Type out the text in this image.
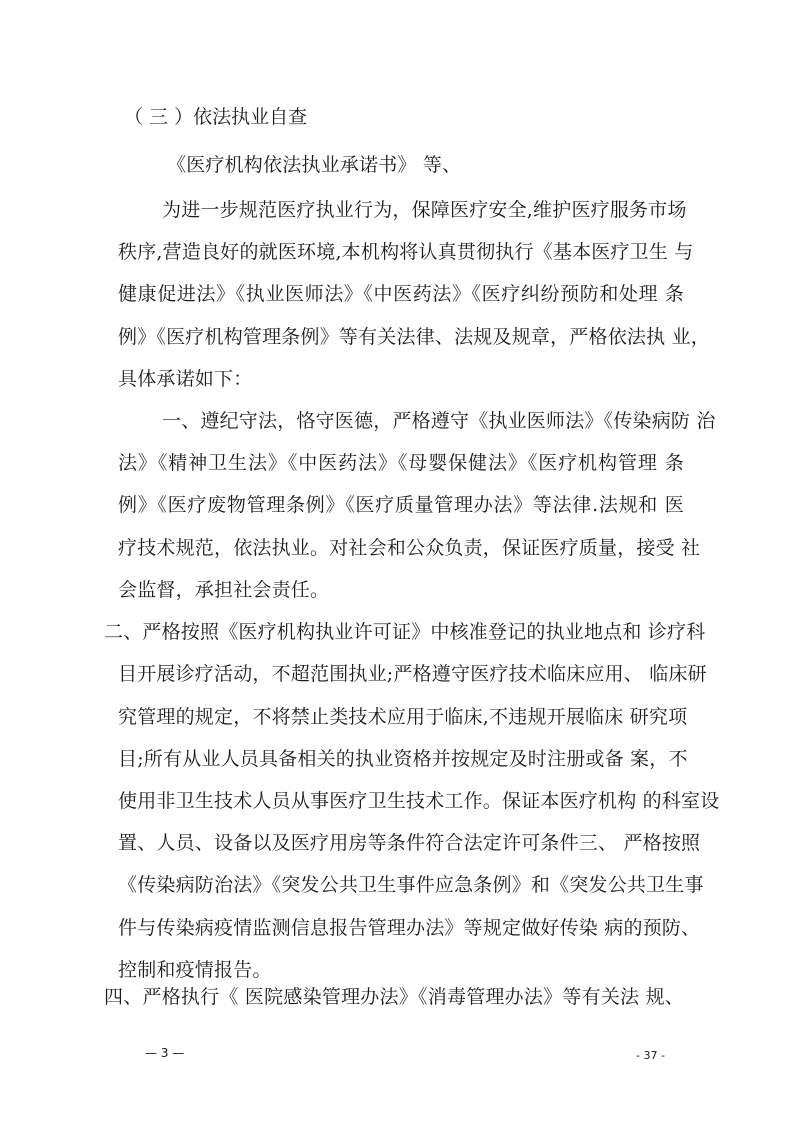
（ 三 ）依法执业自查
《医疗机构依法执业承诺书》 等、
为进一步规范医疗执业行为，保障医疗安全,维护医疗服务市场
秩序,营造良好的就医环境,本机构将认真贯彻执行《基本医疗卫生 与
健康促进法》《执业医师法》《中医药法》《医疗纠纷预防和处理 条
例》《医疗机构管理条例》等有关法律、法规及规章，严格依法执 业，
具体承诺如下：
一、遵纪守法，恪守医德，严格遵守《执业医师法》《传染病防 治
法》《精神卫生法》《中医药法》《母婴保健法》《医疗机构管理 条
例》《医疗废物管理条例》《医疗质量管理办法》等法律.法规和 医
疗技术规范，依法执业。对社会和公众负责，保证医疗质量，接受 社
会监督，承担社会责任。
二、严格按照《医疗机构执业许可证》中核准登记的执业地点和 诊疗科
目开展诊疗活动，不超范围执业;严格遵守医疗技术临床应用、 临床研
究管理的规定，不将禁止类技术应用于临床,不违规开展临床 研究项
目;所有从业人员具备相关的执业资格并按规定及时注册或备 案，不
使用非卫生技术人员从事医疗卫生技术工作。保证本医疗机构 的科室设
置、人员、设备以及医疗用房等条件符合法定许可条件三、 严格按照
《传染病防治法》《突发公共卫生事件应急条例》和《突发公共卫生事
件与传染病疫情监测信息报告管理办法》等规定做好传染 病的预防、
控制和疫情报告。
— 3 —	- 37 -
四、严格执行《 医院感染管理办法》《消毒管理办法》等有关法 规、
